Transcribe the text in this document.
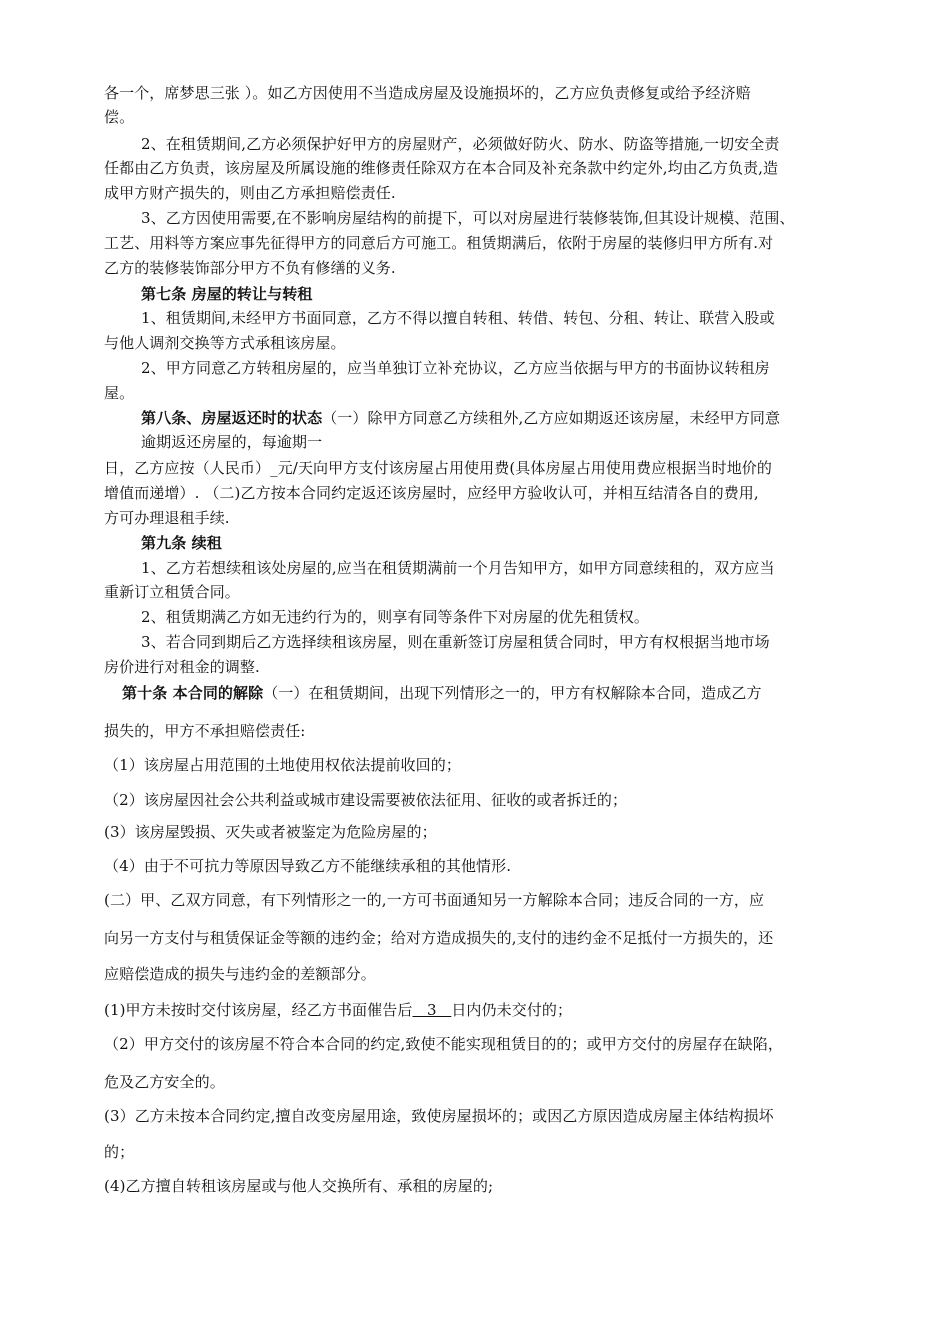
各一个，席梦思三张 ）。如乙方因使用不当造成房屋及设施损坏的，乙方应负责修复或给予经济赔
偿。
2、在租赁期间,乙方必须保护好甲方的房屋财产，必须做好防火、防水、防盗等措施,一切安全责
任都由乙方负责，该房屋及所属设施的维修责任除双方在本合同及补充条款中约定外,均由乙方负责,造
成甲方财产损失的，则由乙方承担赔偿责任.
3、乙方因使用需要,在不影响房屋结构的前提下，可以对房屋进行装修装饰,但其设计规模、范围、
工艺、用料等方案应事先征得甲方的同意后方可施工。租赁期满后，依附于房屋的装修归甲方所有.对
乙方的装修装饰部分甲方不负有修缮的义务.
第七条 房屋的转让与转租
1、租赁期间,未经甲方书面同意，乙方不得以擅自转租、转借、转包、分租、转让、联营入股或
与他人调剂交换等方式承租该房屋。
2、甲方同意乙方转租房屋的，应当单独订立补充协议，乙方应当依据与甲方的书面协议转租房
屋。
第八条、房屋返还时的状态（一）除甲方同意乙方续租外,乙方应如期返还该房屋，未经甲方同意
逾期返还房屋的，每逾期一
日，乙方应按（人民币）_元/天向甲方支付该房屋占用使用费(具体房屋占用使用费应根据当时地价的
增值而递增）. （二)乙方按本合同约定返还该房屋时，应经甲方验收认可，并相互结清各自的费用,
方可办理退租手续.
第九条 续租
1、乙方若想续租该处房屋的,应当在租赁期满前一个月告知甲方，如甲方同意续租的，双方应当
重新订立租赁合同。
2、租赁期满乙方如无违约行为的，则享有同等条件下对房屋的优先租赁权。
3、若合同到期后乙方选择续租该房屋，则在重新签订房屋租赁合同时，甲方有权根据当地市场
房价进行对租金的调整.
第十条 本合同的解除（一）在租赁期间，出现下列情形之一的，甲方有权解除本合同，造成乙方
损失的，甲方不承担赔偿责任:
（1）该房屋占用范围的土地使用权依法提前收回的；
（2）该房屋因社会公共利益或城市建设需要被依法征用、征收的或者拆迁的；
(3）该房屋毁损、灭失或者被鉴定为危险房屋的；
（4）由于不可抗力等原因导致乙方不能继续承租的其他情形.
(二）甲、乙双方同意，有下列情形之一的,一方可书面通知另一方解除本合同；违反合同的一方，应
向另一方支付与租赁保证金等额的违约金；给对方造成损失的,支付的违约金不足抵付一方损失的，还
应赔偿造成的损失与违约金的差额部分。
(1)甲方未按时交付该房屋，经乙方书面催告后   3   日内仍未交付的；
（2）甲方交付的该房屋不符合本合同的约定,致使不能实现租赁目的的；或甲方交付的房屋存在缺陷，
危及乙方安全的。
(3）乙方未按本合同约定,擅自改变房屋用途，致使房屋损坏的；或因乙方原因造成房屋主体结构损坏
的；
(4)乙方擅自转租该房屋或与他人交换所有、承租的房屋的;
